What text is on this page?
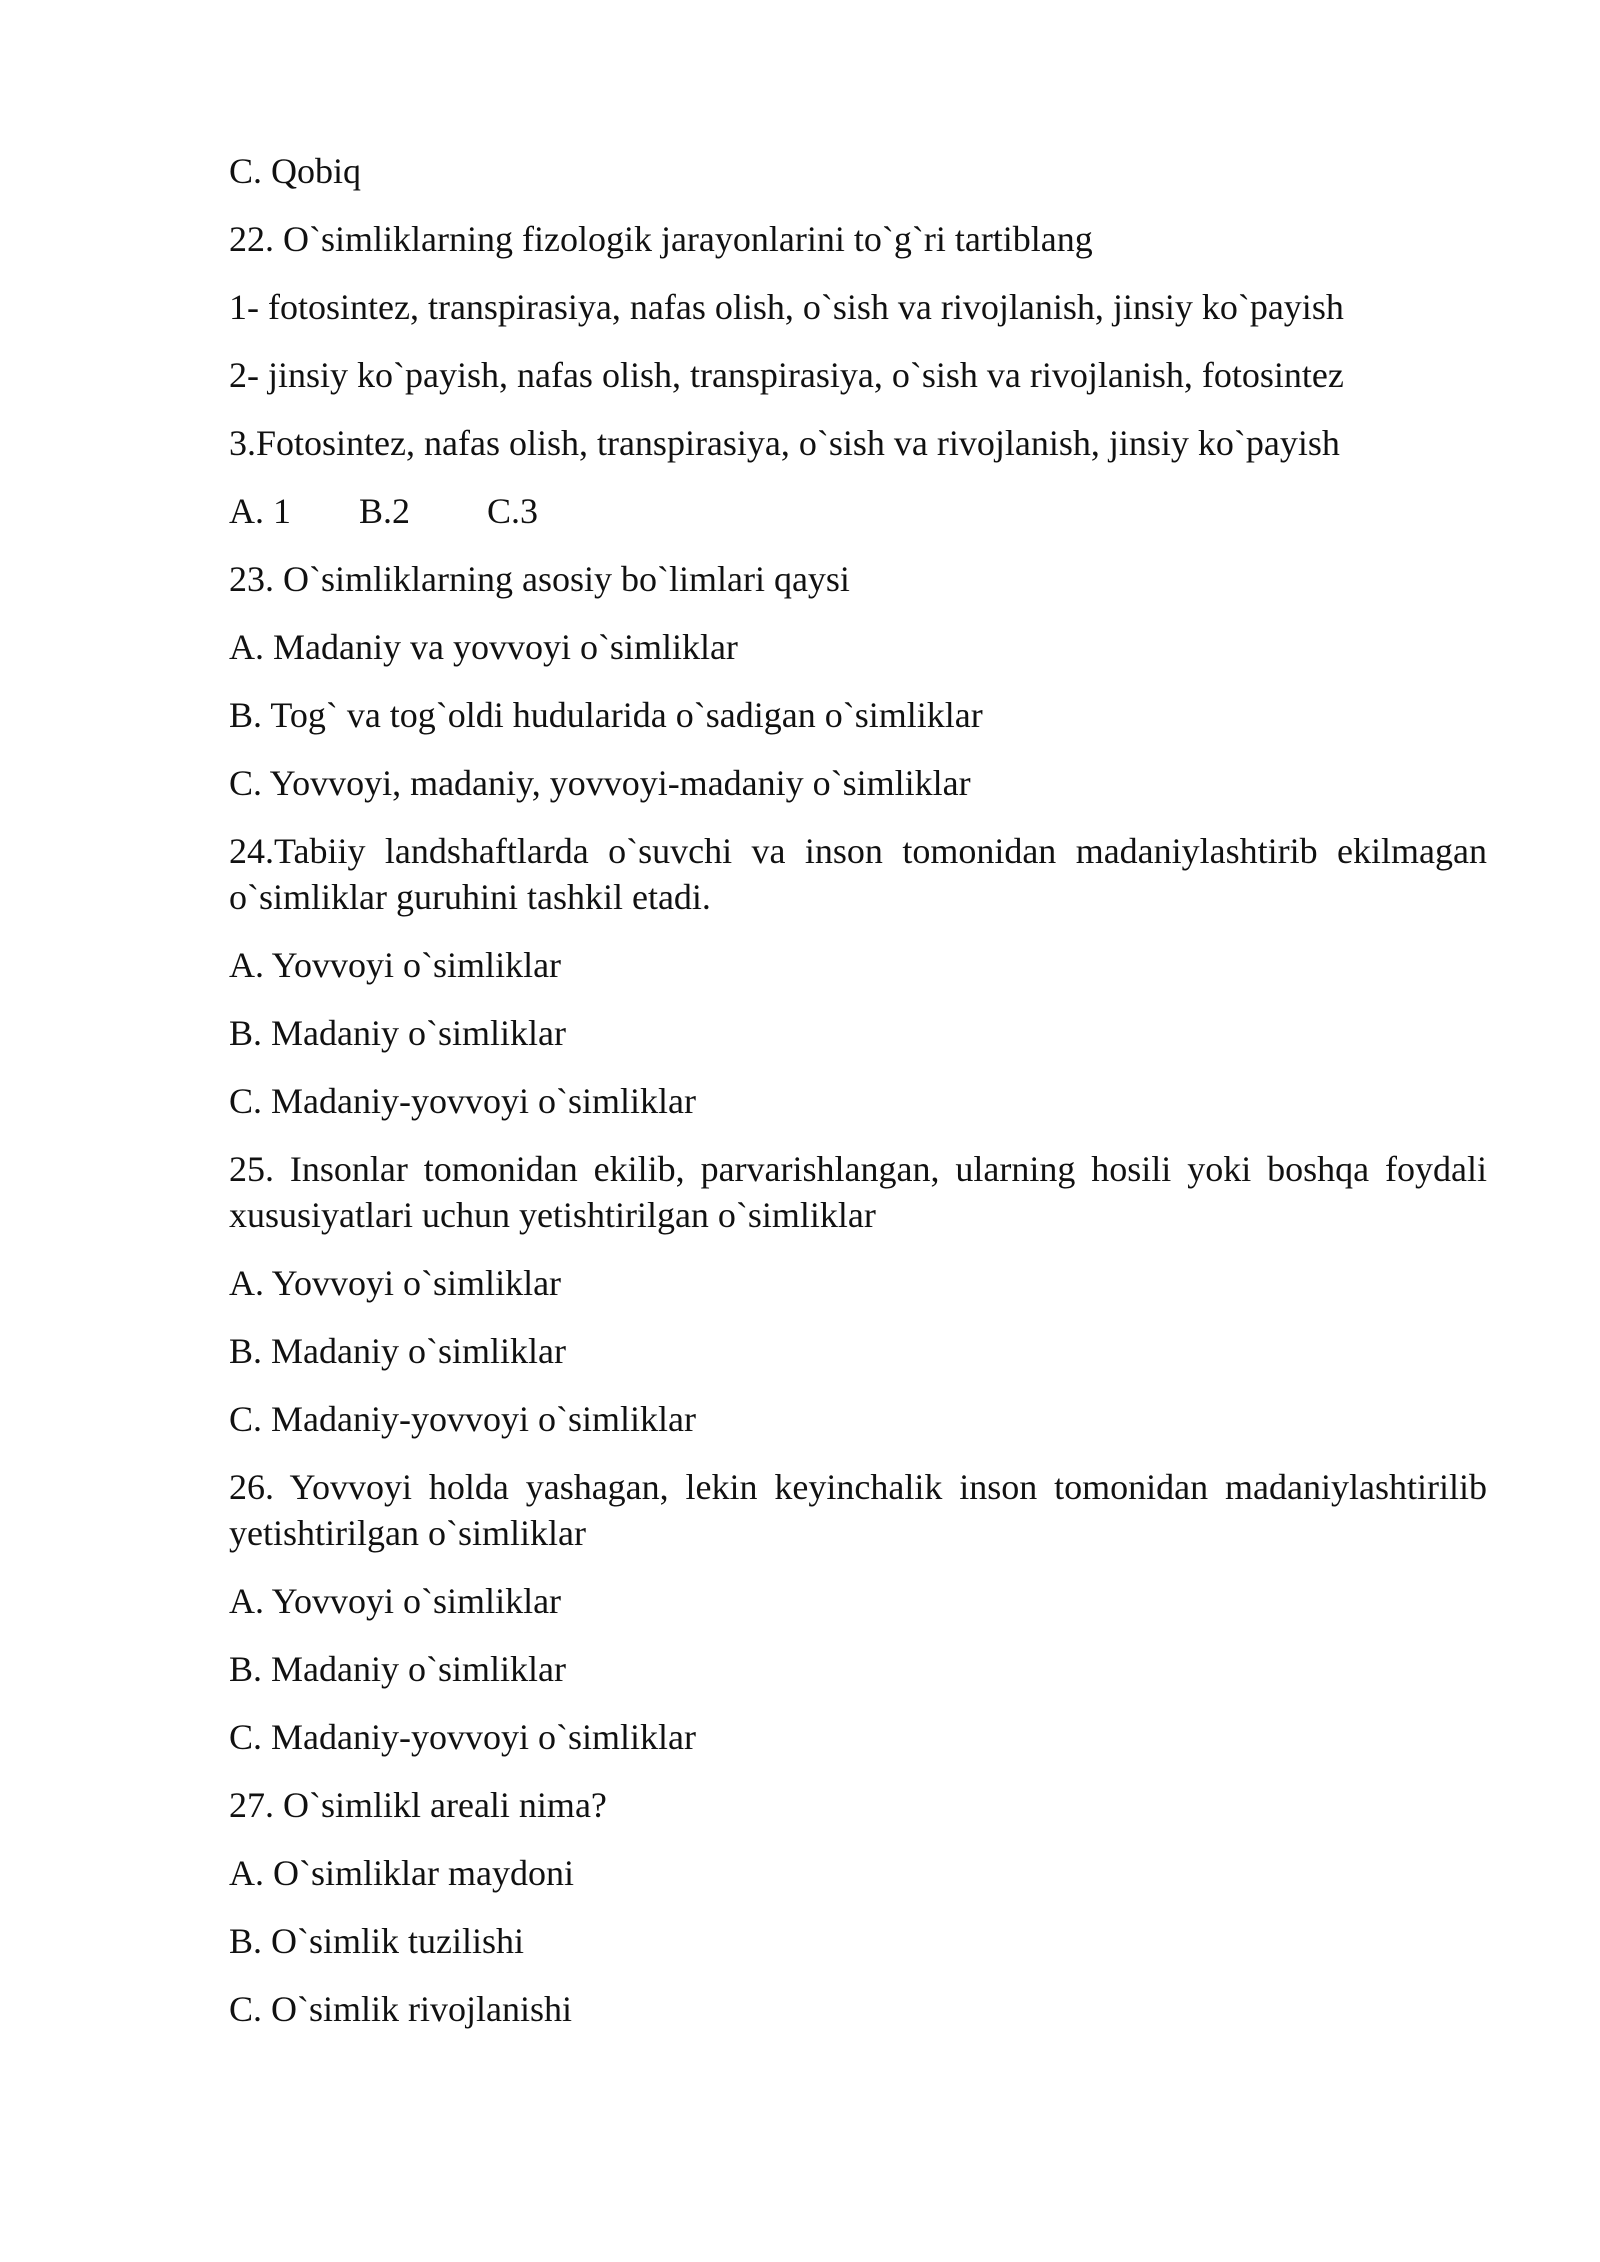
C. Qobiq
22. O`simliklarning fizologik jarayonlarini to`g`ri tartiblang
1- fotosintez, transpirasiya, nafas olish, o`sish va rivojlanish, jinsiy ko`payish
2- jinsiy ko`payish, nafas olish, transpirasiya, o`sish va rivojlanish, fotosintez
3.Fotosintez, nafas olish, transpirasiya, o`sish va rivojlanish, jinsiy ko`payish
A. 1 B.2 C.3
23. O`simliklarning asosiy bo`limlari qaysi
A. Madaniy va yovvoyi o`simliklar
B. Tog` va tog`oldi hudularida o`sadigan o`simliklar
C. Yovvoyi, madaniy, yovvoyi-madaniy o`simliklar
24.Tabiiy landshaftlarda o`suvchi va inson tomonidan madaniylashtirib ekilmagan o`simliklar guruhini tashkil etadi.
A. Yovvoyi o`simliklar
B. Madaniy o`simliklar
C. Madaniy-yovvoyi o`simliklar
25. Insonlar tomonidan ekilib, parvarishlangan, ularning hosili yoki boshqa foydali xususiyatlari uchun yetishtirilgan o`simliklar
A. Yovvoyi o`simliklar
B. Madaniy o`simliklar
C. Madaniy-yovvoyi o`simliklar
26. Yovvoyi holda yashagan, lekin keyinchalik inson tomonidan madaniylashtirilib yetishtirilgan o`simliklar
A. Yovvoyi o`simliklar
B. Madaniy o`simliklar
C. Madaniy-yovvoyi o`simliklar
27. O`simlikl areali nima?
A. O`simliklar maydoni
B. O`simlik tuzilishi
C. O`simlik rivojlanishi
